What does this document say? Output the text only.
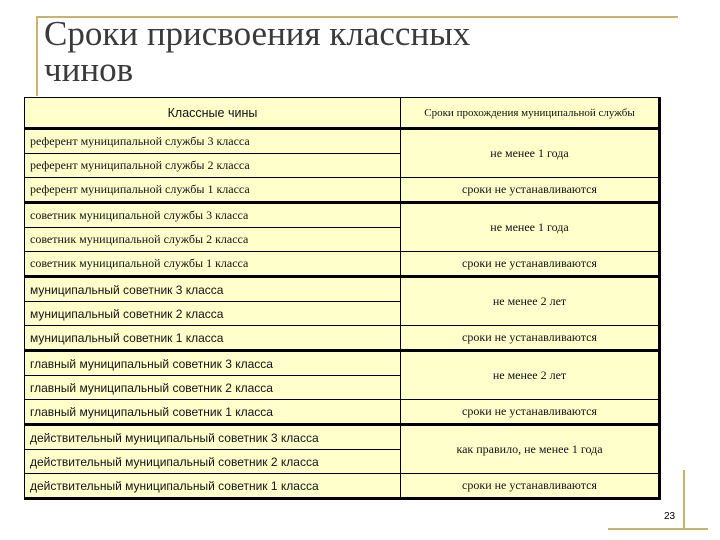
Сроки присвоения классных
чинов
Классные чины	Сроки прохождения муниципальной службы
референт муниципальной службы 3 класса	не менее 1 года
референт муниципальной службы 2 класса	
референт муниципальной службы 1 класса	сроки не устанавливаются
советник муниципальной службы 3 класса	не менее 1 года
советник муниципальной службы 2 класса	
советник муниципальной службы 1 класса	сроки не устанавливаются
муниципальный советник 3 класса	не менее 2 лет
муниципальный советник 2 класса	
муниципальный советник 1 класса	сроки не устанавливаются
главный муниципальный советник 3 класса	не менее 2 лет
главный муниципальный советник 2 класса	
главный муниципальный советник 1 класса	сроки не устанавливаются
действительный муниципальный советник 3 класса	как правило, не менее 1 года
действительный муниципальный советник 2 класса	
действительный муниципальный советник 1 класса	сроки не устанавливаются
23
